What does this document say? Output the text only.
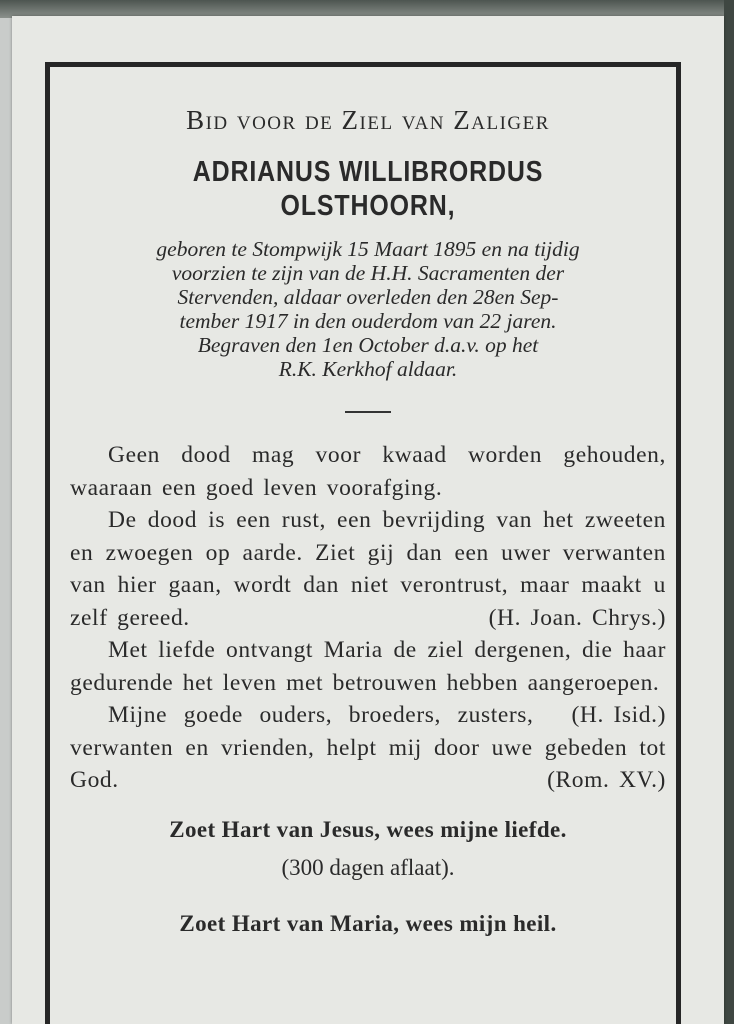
Bid voor de Ziel van Zaliger
ADRIANUS WILLIBRORDUS OLSTHOORN,
geboren te Stompwijk 15 Maart 1895 en na tijdig
voorzien te zijn van de H.H. Sacramenten der
Stervenden, aldaar overleden den 28en Sep-
tember 1917 in den ouderdom van 22 jaren.
Begraven den 1en October d.a.v. op het
R.K. Kerkhof aldaar.

Geen dood mag voor kwaad worden gehouden, waaraan een goed leven voorafging.

De dood is een rust, een bevrijding van het zweeten en zwoegen op aarde. Ziet gij dan een uwer verwanten van hier gaan, wordt dan niet verontrust, maar maakt u zelf gereed.	(H. Joan. Chrys.)

Met liefde ontvangt Maria de ziel dergenen, die haar gedurende het leven met betrouwen hebben aangeroepen.
(H. Isid.)

Mijne goede ouders, broeders, zusters, verwanten en vrienden, helpt mij door uwe gebeden tot God.	(Rom. XV.)

Zoet Hart van Jesus, wees mijne liefde.
(300 dagen aflaat).
Zoet Hart van Maria, wees mijn heil.
